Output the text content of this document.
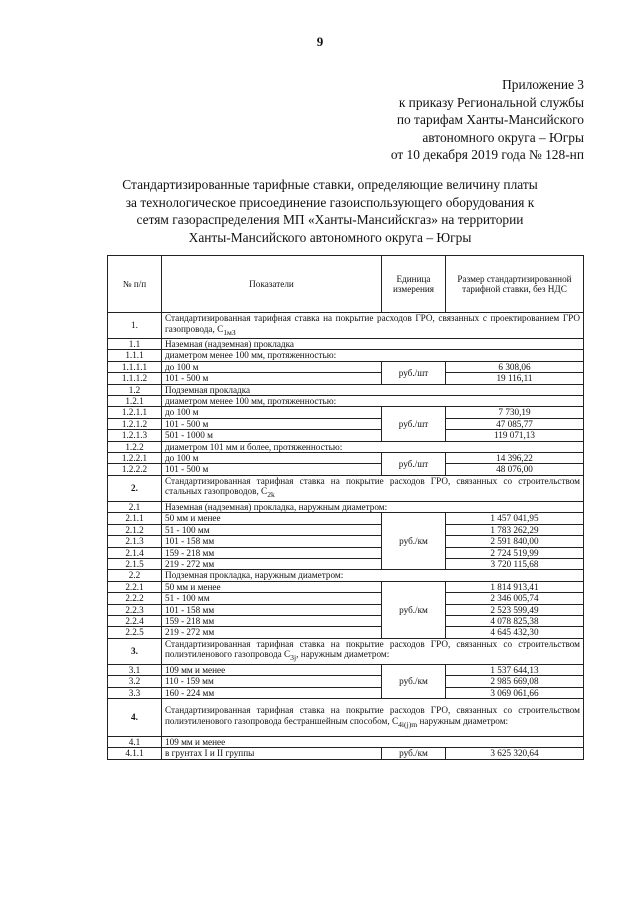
9
Приложение 3
к приказу Региональной службы
по тарифам Ханты-Мансийского
автономного округа – Югры
от 10 декабря 2019 года № 128-нп
Стандартизированные тарифные ставки, определяющие величину платы
за технологическое присоединение газоиспользующего оборудования к
сетям газораспределения МП «Ханты-Мансийскгаз» на территории
Ханты-Мансийского автономного округа – Югры
№ п/п	Показатели	Единица измерения	Размер стандартизированной тарифной ставки, без НДС
1.	Стандартизированная тарифная ставка на покрытие расходов ГРО, связанных с проектированием ГРО газопровода, $C_{1мЗ}$
1.1	Наземная (надземная) прокладка		
1.1.1	диаметром менее 100 мм, протяженностью:		
1.1.1.1	до 100 м	руб./шт	6 308,06
1.1.1.2	101 - 500 м		19 116,11
1.2	Подземная прокладка		
1.2.1	диаметром менее 100 мм, протяженностью:		
1.2.1.1	до 100 м	руб./шт	7 730,19
1.2.1.2	101 - 500 м		47 085,77
1.2.1.3	501 - 1000 м		119 071,13
1.2.2	диаметром 101 мм и более, протяженностью:		
1.2.2.1	до 100 м	руб./шт	14 396,22
1.2.2.2	101 - 500 м		48 076,00
2.	Стандартизированная тарифная ставка на покрытие расходов ГРО, связанных со строительством стальных газопроводов, $C_{2k}$
2.1	Наземная (надземная) прокладка, наружным диаметром:		
2.1.1	50 мм и менее	руб./км	1 457 041,95
2.1.2	51 - 100 мм		1 783 262,29
2.1.3	101 - 158 мм		2 591 840,00
2.1.4	159 - 218 мм		2 724 519,99
2.1.5	219 - 272 мм		3 720 115,68
2.2	Подземная прокладка, наружным диаметром:		
2.2.1	50 мм и менее	руб./км	1 814 913,41
2.2.2	51 - 100 мм		2 346 005,74
2.2.3	101 - 158 мм		2 523 599,49
2.2.4	159 - 218 мм		4 078 825,38
2.2.5	219 - 272 мм		4 645 432,30
3.	Стандартизированная тарифная ставка на покрытие расходов ГРО, связанных со строительством полиэтиленового газопровода $C_{3j}$, наружным диаметром:		
3.1	109 мм и менее	руб./км	1 537 644,13
3.2	110 - 159 мм		2 985 669,08
3.3	160 - 224 мм		3 069 061,66
4.	Стандартизированная тарифная ставка на покрытие расходов ГРО, связанных со строительством полиэтиленового газопровода бестраншейным способом, $C_{4i(j)m}$ наружным диаметром:		
4.1	109 мм и менее		
4.1.1	в грунтах I и II группы	руб./км	3 625 320,64
